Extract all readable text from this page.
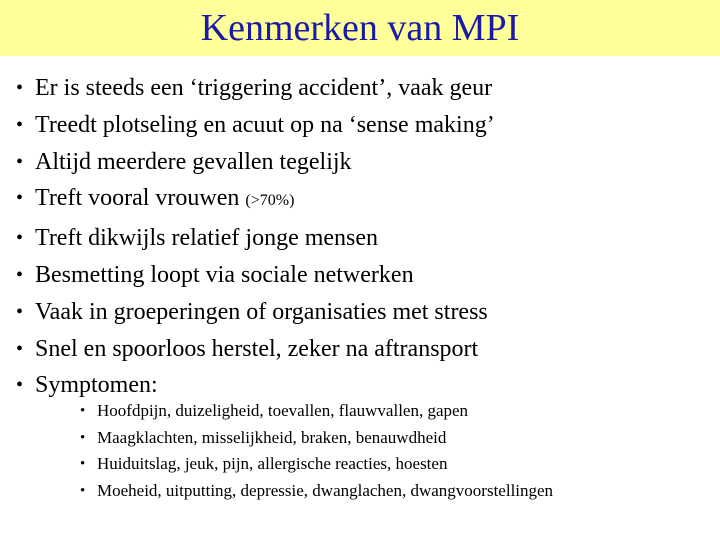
Kenmerken van MPI
• Er is steeds een ‘triggering accident’, vaak geur
• Treedt plotseling en acuut op na ‘sense making’
• Altijd meerdere gevallen tegelijk
• Treft vooral vrouwen (>70%)
• Treft dikwijls relatief jonge mensen
• Besmetting loopt via sociale netwerken
• Vaak in groeperingen of organisaties met stress
• Snel en spoorloos herstel, zeker na aftransport
• Symptomen:
• Hoofdpijn, duizeligheid, toevallen, flauwvallen, gapen
• Maagklachten, misselijkheid, braken, benauwdheid
• Huiduitslag, jeuk, pijn, allergische reacties, hoesten
• Moeheid, uitputting, depressie, dwanglachen, dwangvoorstellingen
